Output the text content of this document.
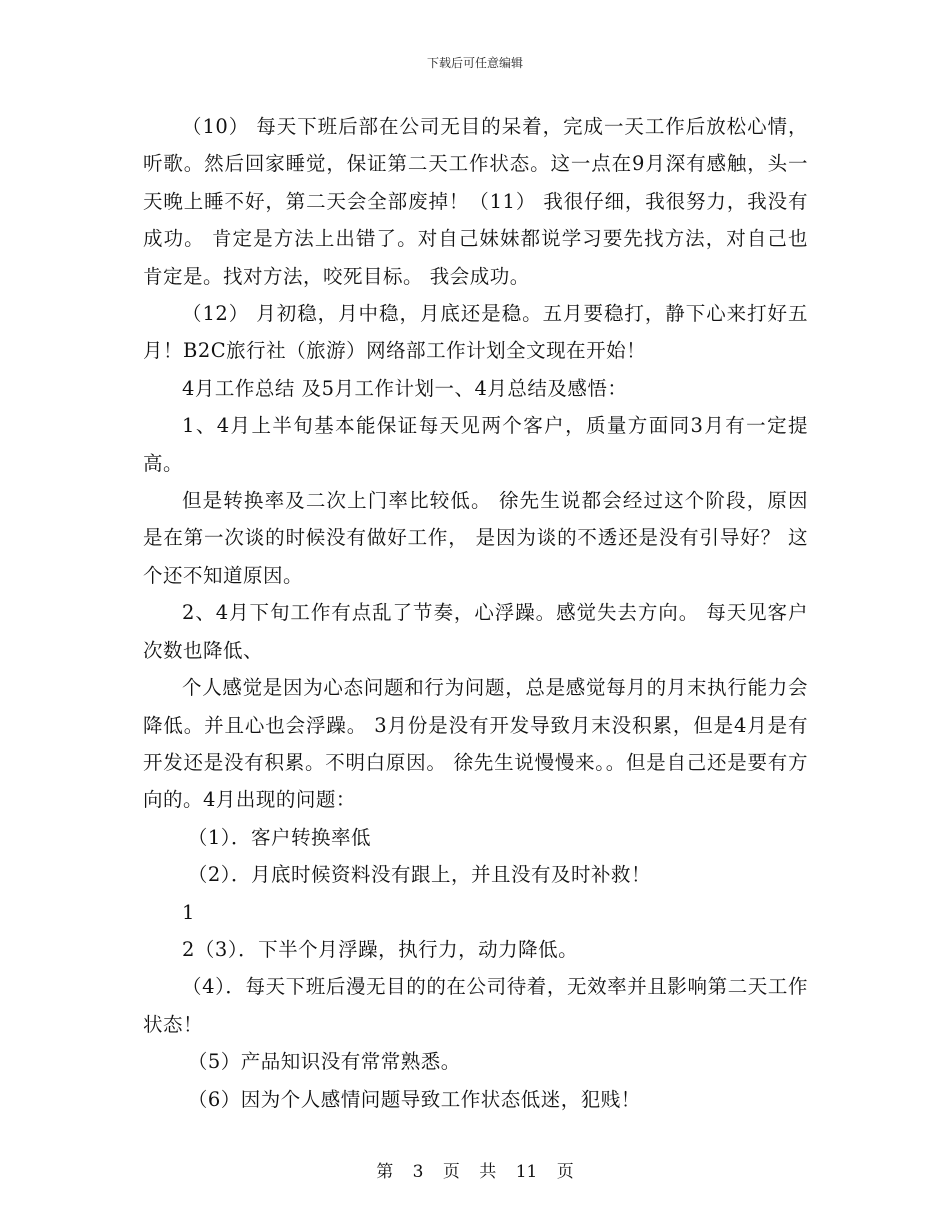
下载后可任意编辑

（10） 每天下班后部在公司无目的呆着，完成一天工作后放松心情，听歌。然后回家睡觉，保证第二天工作状态。这一点在9月深有感触，头一天晚上睡不好，第二天会全部废掉！（11） 我很仔细，我很努力，我没有成功。 肯定是方法上出错了。对自己妹妹都说学习要先找方法，对自己也肯定是。找对方法，咬死目标。 我会成功。

（12） 月初稳，月中稳，月底还是稳。五月要稳打，静下心来打好五月！B2C旅行社（旅游）网络部工作计划全文现在开始！

4月工作总结 及5月工作计划一、4月总结及感悟：

1、4月上半旬基本能保证每天见两个客户，质量方面同3月有一定提高。

但是转换率及二次上门率比较低。 徐先生说都会经过这个阶段，原因是在第一次谈的时候没有做好工作， 是因为谈的不透还是没有引导好？ 这个还不知道原因。

2、4月下旬工作有点乱了节奏，心浮躁。感觉失去方向。 每天见客户次数也降低、

个人感觉是因为心态问题和行为问题，总是感觉每月的月末执行能力会降低。并且心也会浮躁。 3月份是没有开发导致月末没积累，但是4月是有开发还是没有积累。不明白原因。 徐先生说慢慢来。。但是自己还是要有方向的。4月出现的问题：

（1）．客户转换率低

（2）．月底时候资料没有跟上，并且没有及时补救！

1

2（3）．下半个月浮躁，执行力，动力降低。

（4）．每天下班后漫无目的的在公司待着，无效率并且影响第二天工作状态！

（5）产品知识没有常常熟悉。

（6）因为个人感情问题导致工作状态低迷，犯贱！

第 3 页 共 11 页
